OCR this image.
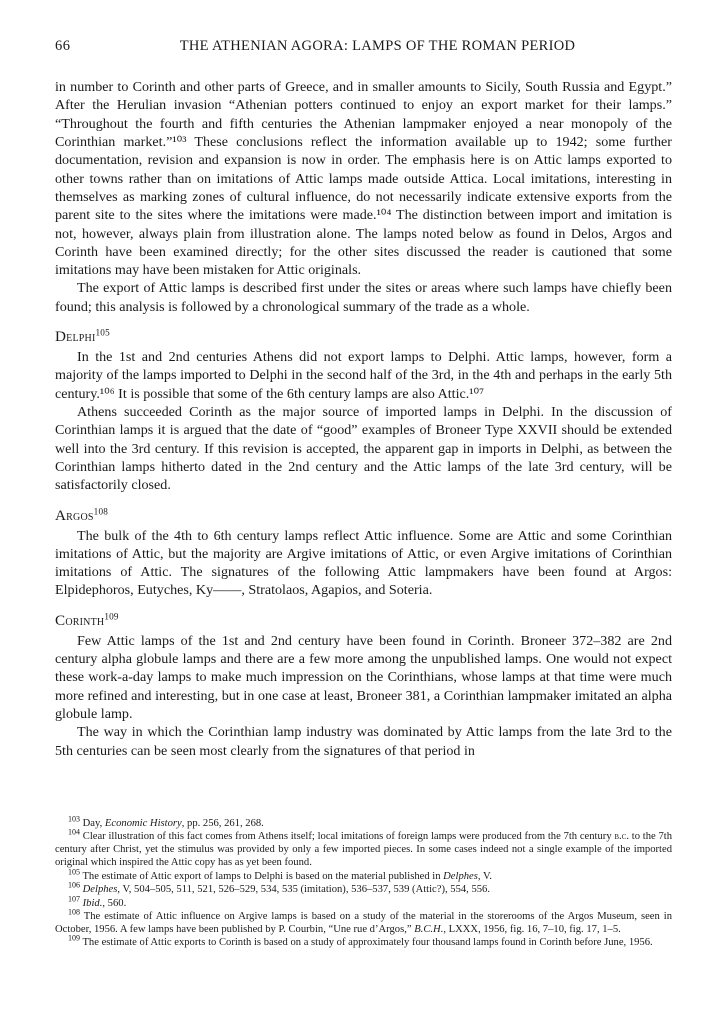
66	THE ATHENIAN AGORA: LAMPS OF THE ROMAN PERIOD

in number to Corinth and other parts of Greece, and in smaller amounts to Sicily, South Russia and Egypt.” After the Herulian invasion “Athenian potters continued to enjoy an export market for their lamps.” “Throughout the fourth and fifth centuries the Athenian lampmaker enjoyed a near monopoly of the Corinthian market.”¹⁰³ These conclusions reflect the information available up to 1942; some further documentation, revision and expansion is now in order. The emphasis here is on Attic lamps exported to other towns rather than on imitations of Attic lamps made outside Attica. Local imitations, interesting in themselves as marking zones of cultural influence, do not necessarily indicate extensive exports from the parent site to the sites where the imitations were made.¹⁰⁴ The distinction between import and imitation is not, however, always plain from illustration alone. The lamps noted below as found in Delos, Argos and Corinth have been examined directly; for the other sites discussed the reader is cautioned that some imitations may have been mistaken for Attic originals.

The export of Attic lamps is described first under the sites or areas where such lamps have chiefly been found; this analysis is followed by a chronological summary of the trade as a whole.

Delphi$^{105}$

In the 1st and 2nd centuries Athens did not export lamps to Delphi. Attic lamps, however, form a majority of the lamps imported to Delphi in the second half of the 3rd, in the 4th and perhaps in the early 5th century.¹⁰⁶ It is possible that some of the 6th century lamps are also Attic.¹⁰⁷

Athens succeeded Corinth as the major source of imported lamps in Delphi. In the discussion of Corinthian lamps it is argued that the date of “good” examples of Broneer Type XXVII should be extended well into the 3rd century. If this revision is accepted, the apparent gap in imports in Delphi, as between the Corinthian lamps hitherto dated in the 2nd century and the Attic lamps of the late 3rd century, will be satisfactorily closed.

Argos$^{108}$

The bulk of the 4th to 6th century lamps reflect Attic influence. Some are Attic and some Corinthian imitations of Attic, but the majority are Argive imitations of Attic, or even Argive imitations of Corinthian imitations of Attic. The signatures of the following Attic lampmakers have been found at Argos: Elpidephoros, Eutyches, Ky——, Stratolaos, Agapios, and Soteria.

Corinth$^{109}$

Few Attic lamps of the 1st and 2nd century have been found in Corinth. Broneer 372–382 are 2nd century alpha globule lamps and there are a few more among the unpublished lamps. One would not expect these work-a-day lamps to make much impression on the Corinthians, whose lamps at that time were much more refined and interesting, but in one case at least, Broneer 381, a Corinthian lampmaker imitated an alpha globule lamp.

The way in which the Corinthian lamp industry was dominated by Attic lamps from the late 3rd to the 5th centuries can be seen most clearly from the signatures of that period in

$^{103}$ Day, Economic History, pp. 256, 261, 268.

$^{104}$ Clear illustration of this fact comes from Athens itself; local imitations of foreign lamps were produced from the 7th century b.c. to the 7th century after Christ, yet the stimulus was provided by only a few imported pieces. In some cases indeed not a single example of the imported original which inspired the Attic copy has as yet been found.

$^{105}$ The estimate of Attic export of lamps to Delphi is based on the material published in Delphes, V.

$^{106}$ Delphes, V, 504–505, 511, 521, 526–529, 534, 535 (imitation), 536–537, 539 (Attic?), 554, 556.

$^{107}$ Ibid., 560.

$^{108}$ The estimate of Attic influence on Argive lamps is based on a study of the material in the storerooms of the Argos Museum, seen in October, 1956. A few lamps have been published by P. Courbin, “Une rue d’Argos,” B.C.H., LXXX, 1956, fig. 16, 7–10, fig. 17, 1–5.

$^{109}$ The estimate of Attic exports to Corinth is based on a study of approximately four thousand lamps found in Corinth before June, 1956.
